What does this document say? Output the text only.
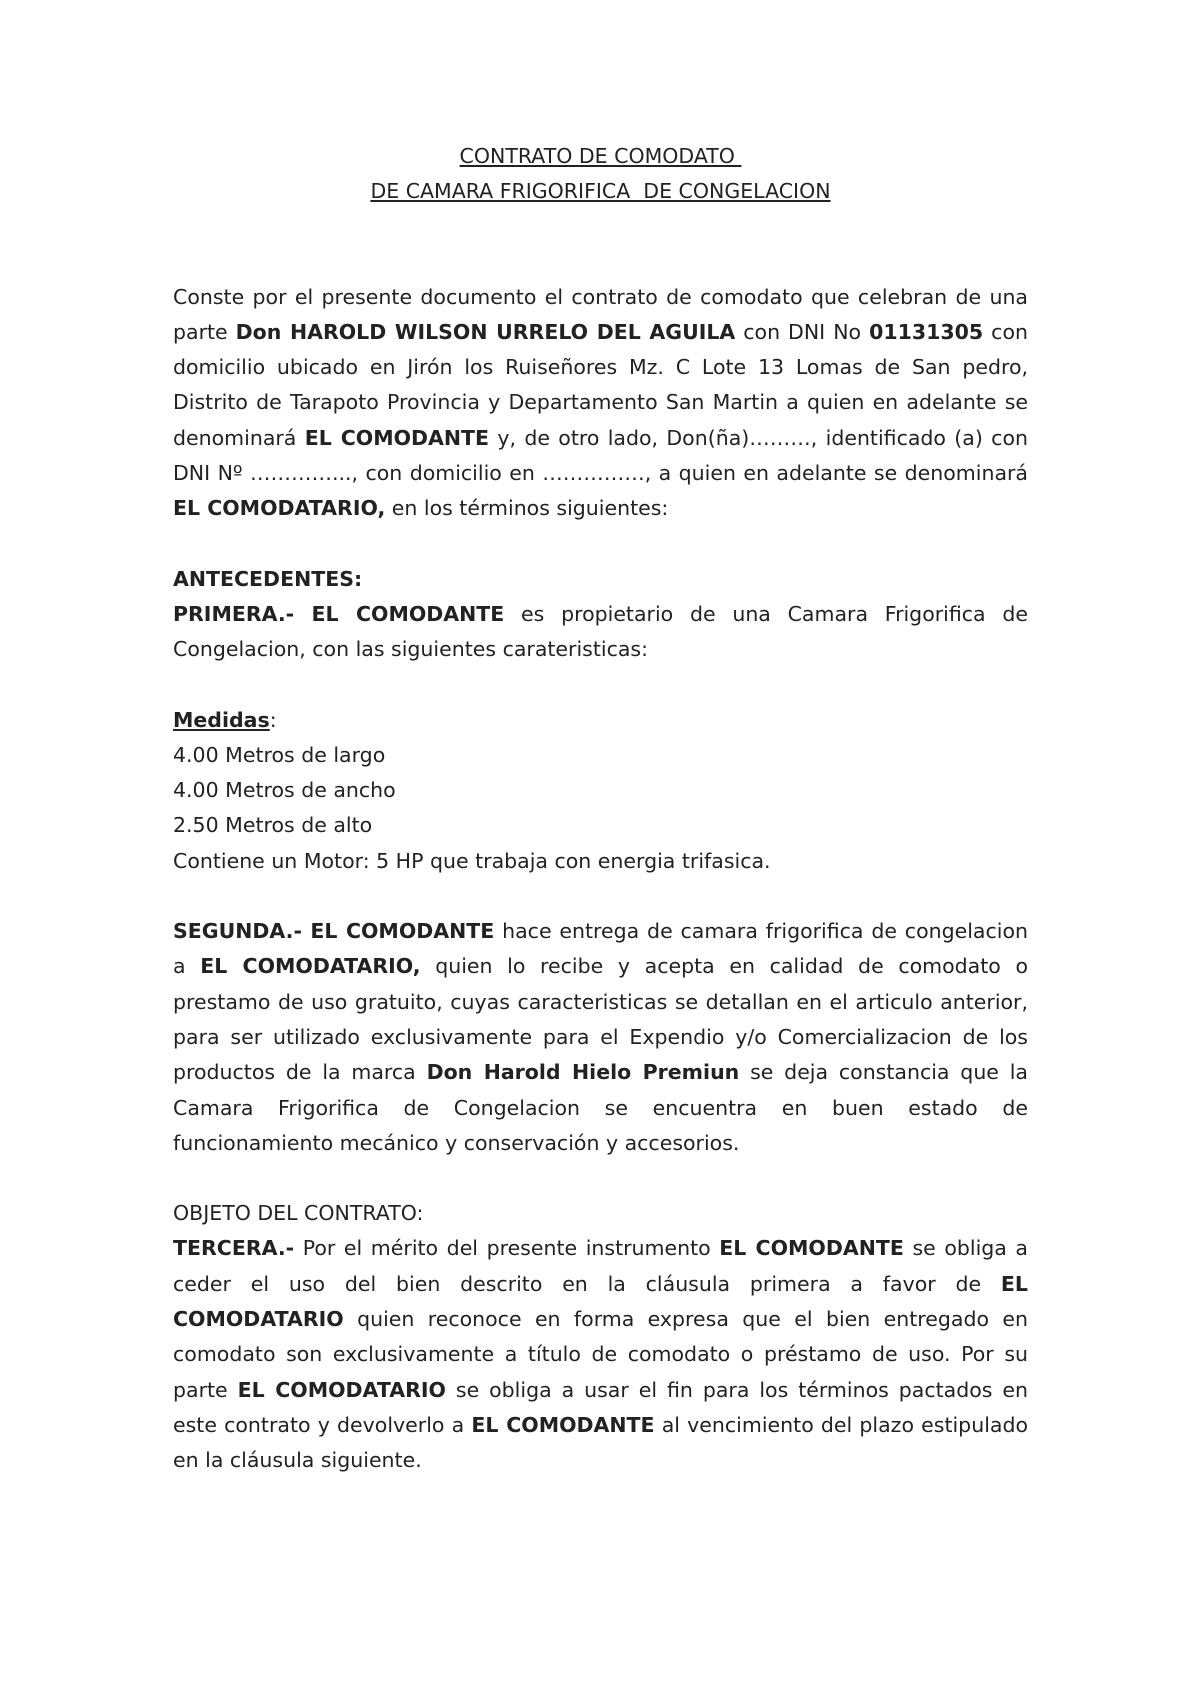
CONTRATO DE COMODATO
DE CAMARA FRIGORIFICA  DE CONGELACION

Conste por el presente documento el contrato de comodato que celebran de una parte Don HAROLD WILSON URRELO DEL AGUILA con DNI No 01131305 con domicilio ubicado en Jirón los Ruiseñores Mz. C Lote 13 Lomas de San pedro, Distrito de Tarapoto Provincia y Departamento San Martin a quien en adelante se denominará EL COMODANTE y, de otro lado, Don(ña)………, identificado (a) con DNI Nº …………..., con domicilio en ……………, a quien en adelante se denominará EL COMODATARIO, en los términos siguientes:

ANTECEDENTES:

PRIMERA.- EL COMODANTE es propietario de una Camara Frigorifica de Congelacion, con las siguientes carateristicas:

Medidas:
4.00 Metros de largo
4.00 Metros de ancho
2.50 Metros de alto
Contiene un Motor: 5 HP que trabaja con energia trifasica.

SEGUNDA.- EL COMODANTE hace entrega de camara frigorifica de congelacion a EL COMODATARIO, quien lo recibe y acepta en calidad de comodato o prestamo de uso gratuito, cuyas caracteristicas se detallan en el articulo anterior, para ser utilizado exclusivamente para el Expendio y/o Comercializacion de los productos de la marca Don Harold Hielo Premiun se deja constancia que la Camara Frigorifica de Congelacion se encuentra en buen estado de funcionamiento mecánico y conservación y accesorios.

OBJETO DEL CONTRATO:

TERCERA.- Por el mérito del presente instrumento EL COMODANTE se obliga a ceder el uso del bien descrito en la cláusula primera a favor de EL COMODATARIO quien reconoce en forma expresa que el bien entregado en comodato son exclusivamente a título de comodato o préstamo de uso. Por su parte EL COMODATARIO se obliga a usar el fin para los términos pactados en este contrato y devolverlo a EL COMODANTE al vencimiento del plazo estipulado en la cláusula siguiente.
